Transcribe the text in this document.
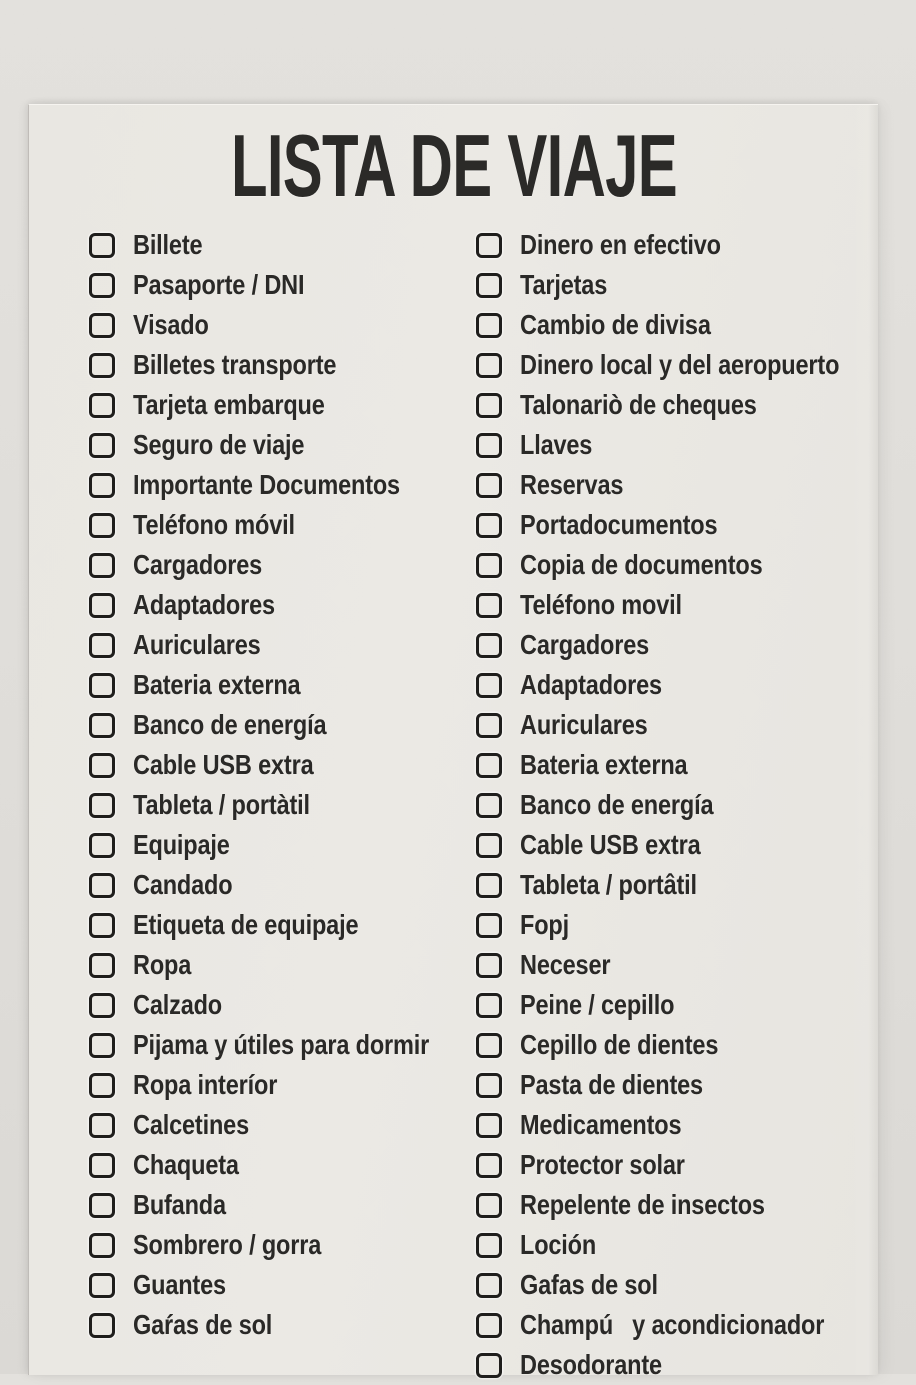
LISTA DE VIAJE
Billete
Pasaporte / DNI
Visado
Billetes transporte
Tarjeta embarque
Seguro de viaje
Importante Documentos
Teléfono móvil
Cargadores
Adaptadores
Auriculares
Bateria externa
Banco de energía
Cable USB extra
Tableta / portàtil
Equipaje
Candado
Etiqueta de equipaje
Ropa
Calzado
Pijama y útiles para dormir
Ropa interíor
Calcetines
Chaqueta
Bufanda
Sombrero / gorra
Guantes
Gaŕas de sol
Dinero en efectivo
Tarjetas
Cambio de divisa
Dinero local y del aeropuerto
Talonariò de cheques
Llaves
Reservas
Portadocumentos
Copia de documentos
Teléfono movil
Cargadores
Adaptadores
Auriculares
Bateria externa
Banco de energía
Cable USB extra
Tableta / portâtil
Fopj
Neceser
Peine / cepillo
Cepillo de dientes
Pasta de dientes
Medicamentos
Protector solar
Repelente de insectos
Loción
Gafas de sol
Champú   y acondicionador
Desodorante
